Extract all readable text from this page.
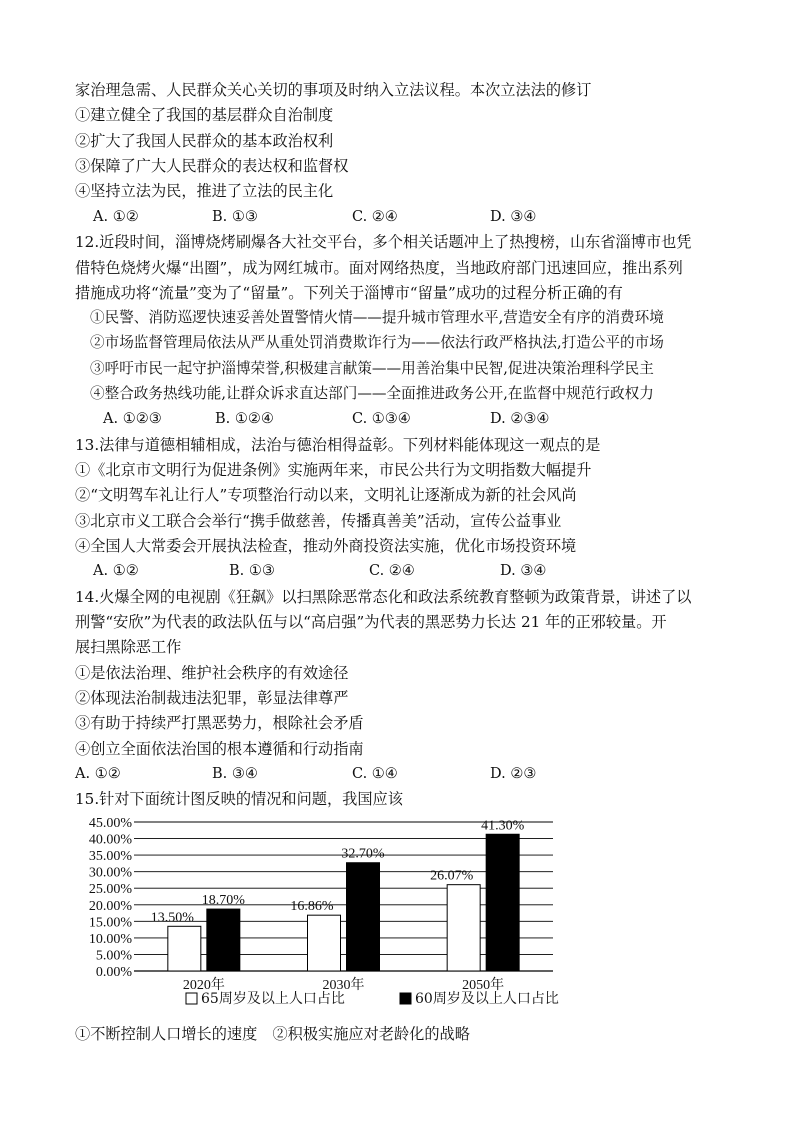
家治理急需、人民群众关心关切的事项及时纳入立法议程。本次立法法的修订
①建立健全了我国的基层群众自治制度
②扩大了我国人民群众的基本政治权利
③保障了广大人民群众的表达权和监督权
④坚持立法为民，推进了立法的民主化
A. ①②	B. ①③	C. ②④	D. ③④
12.近段时间，淄博烧烤刷爆各大社交平台，多个相关话题冲上了热搜榜，山东省淄博市也凭
借特色烧烤火爆“出圈”，成为网红城市。面对网络热度，当地政府部门迅速回应，推出系列
措施成功将“流量”变为了“留量”。下列关于淄博市“留量”成功的过程分析正确的有
①民警、消防巡逻快速妥善处置警情火情——提升城市管理水平,营造安全有序的消费环境
②市场监督管理局依法从严从重处罚消费欺诈行为——依法行政严格执法,打造公平的市场
③呼吁市民一起守护淄博荣誉,积极建言献策——用善治集中民智,促进决策治理科学民主
④整合政务热线功能,让群众诉求直达部门——全面推进政务公开,在监督中规范行政权力
A. ①②③	B. ①②④	C. ①③④	D. ②③④
13.法律与道德相辅相成，法治与德治相得益彰。下列材料能体现这一观点的是
①《北京市文明行为促进条例》实施两年来，市民公共行为文明指数大幅提升
②“文明驾车礼让行人”专项整治行动以来，文明礼让逐渐成为新的社会风尚
③北京市义工联合会举行“携手做慈善，传播真善美”活动，宣传公益事业
④全国人大常委会开展执法检查，推动外商投资法实施，优化市场投资环境
A. ①②	B. ①③	C. ②④	D. ③④
14.火爆全网的电视剧《狂飙》以扫黑除恶常态化和政法系统教育整顿为政策背景，讲述了以
刑警“安欣”为代表的政法队伍与以“高启强”为代表的黑恶势力长达 21 年的正邪较量。开
展扫黑除恶工作
①是依法治理、维护社会秩序的有效途径
②体现法治制裁违法犯罪，彰显法律尊严
③有助于持续严打黑恶势力，根除社会矛盾
④创立全面依法治国的根本遵循和行动指南
A. ①②	B. ③④	C. ①④	D. ②③
15.针对下面统计图反映的情况和问题，我国应该
0.00%
5.00%
10.00%
15.00%
20.00%
25.00%
30.00%
35.00%
40.00%
45.00%
13.50%
18.70%
2020年
16.86%
32.70%
2030年
26.07%
41.30%
2050年
65周岁及以上人口占比	60周岁及以上人口占比
①不断控制人口增长的速度　②积极实施应对老龄化的战略
